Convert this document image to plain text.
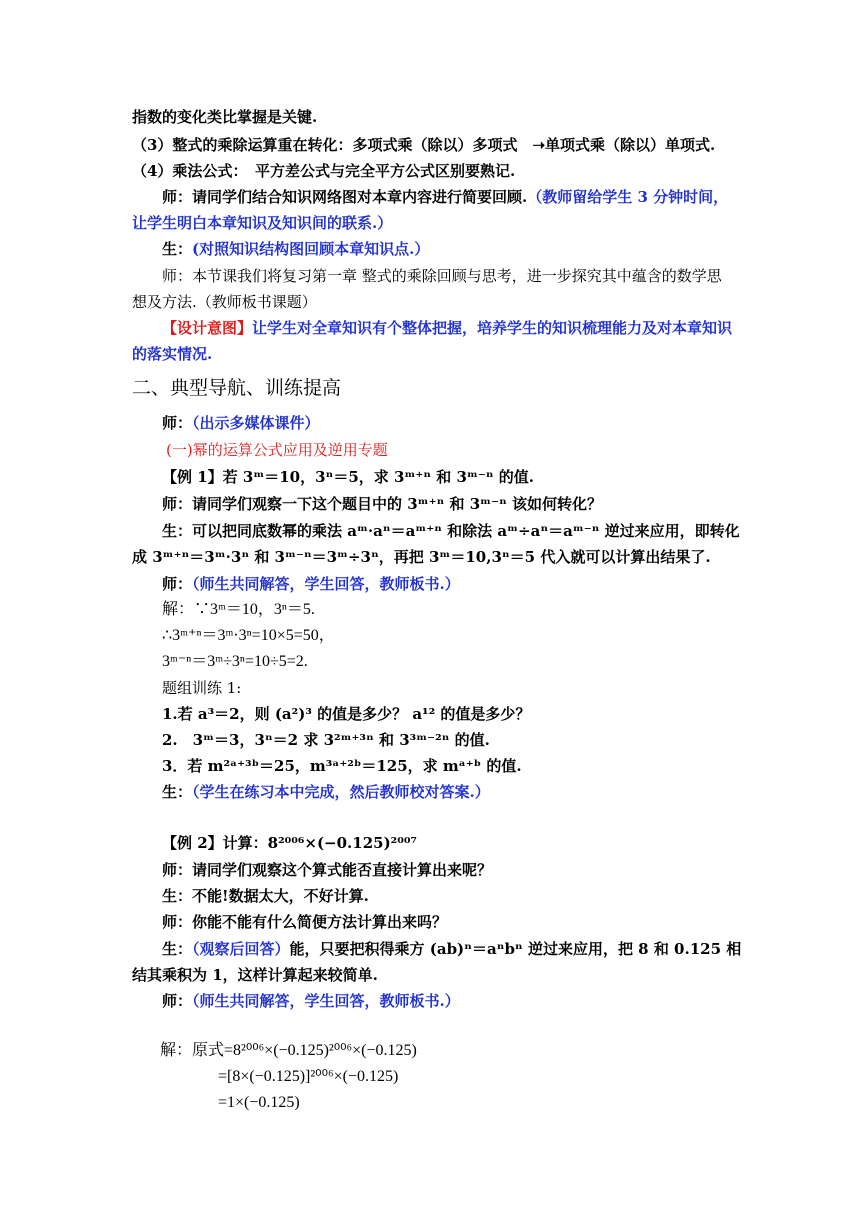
指数的变化类比掌握是关键.
（3）整式的乘除运算重在转化：多项式乘（除以）多项式　➝单项式乘（除以）单项式.
（4）乘法公式：　平方差公式与完全平方公式区别要熟记.
师：请同学们结合知识网络图对本章内容进行简要回顾.（教师留给学生 3 分钟时间，
让学生明白本章知识及知识间的联系.）
生：(对照知识结构图回顾本章知识点.）
师：本节课我们将复习第一章 整式的乘除回顾与思考，进一步探究其中蕴含的数学思
想及方法.（教师板书课题）
【设计意图】让学生对全章知识有个整体把握，培养学生的知识梳理能力及对本章知识
的落实情况.
二、典型导航、训练提高
师：（出示多媒体课件）
(一)幂的运算公式应用及逆用专题
【例 1】若 3ᵐ＝10，3ⁿ＝5，求 3ᵐ⁺ⁿ 和 3ᵐ⁻ⁿ 的值.
师：请同学们观察一下这个题目中的 3ᵐ⁺ⁿ 和 3ᵐ⁻ⁿ 该如何转化？
生：可以把同底数幂的乘法 aᵐ·aⁿ＝aᵐ⁺ⁿ 和除法 aᵐ÷aⁿ＝aᵐ⁻ⁿ 逆过来应用，即转化
成 3ᵐ⁺ⁿ＝3ᵐ·3ⁿ 和 3ᵐ⁻ⁿ＝3ᵐ÷3ⁿ，再把 3ᵐ＝10,3ⁿ＝5 代入就可以计算出结果了.
师：（师生共同解答，学生回答，教师板书.）
解：∵3ᵐ＝10，3ⁿ＝5.
∴3ᵐ⁺ⁿ＝3ᵐ·3ⁿ=10×5=50，
3ᵐ⁻ⁿ＝3ᵐ÷3ⁿ=10÷5=2.
题组训练 1:
1.若 a³＝2，则 (a²)³ 的值是多少？ a¹² 的值是多少？
2.　3ᵐ＝3，3ⁿ＝2 求 3²ᵐ⁺³ⁿ 和 3³ᵐ⁻²ⁿ 的值.
3．若 m²ᵃ⁺³ᵇ＝25，m³ᵃ⁺²ᵇ＝125，求 mᵃ⁺ᵇ 的值.
生：（学生在练习本中完成，然后教师校对答案.）
【例 2】计算：8²⁰⁰⁶×(−0.125)²⁰⁰⁷
师：请同学们观察这个算式能否直接计算出来呢？
生：不能!数据太大，不好计算.
师：你能不能有什么简便方法计算出来吗？
生：（观察后回答）能，只要把积得乘方 (ab)ⁿ＝aⁿbⁿ 逆过来应用，把 8 和 0.125 相
结其乘积为 1，这样计算起来较简单.
师：（师生共同解答，学生回答，教师板书.）
解：原式=8²⁰⁰⁶×(−0.125)²⁰⁰⁶×(−0.125)
=[8×(−0.125)]²⁰⁰⁶×(−0.125)
=1×(−0.125)
